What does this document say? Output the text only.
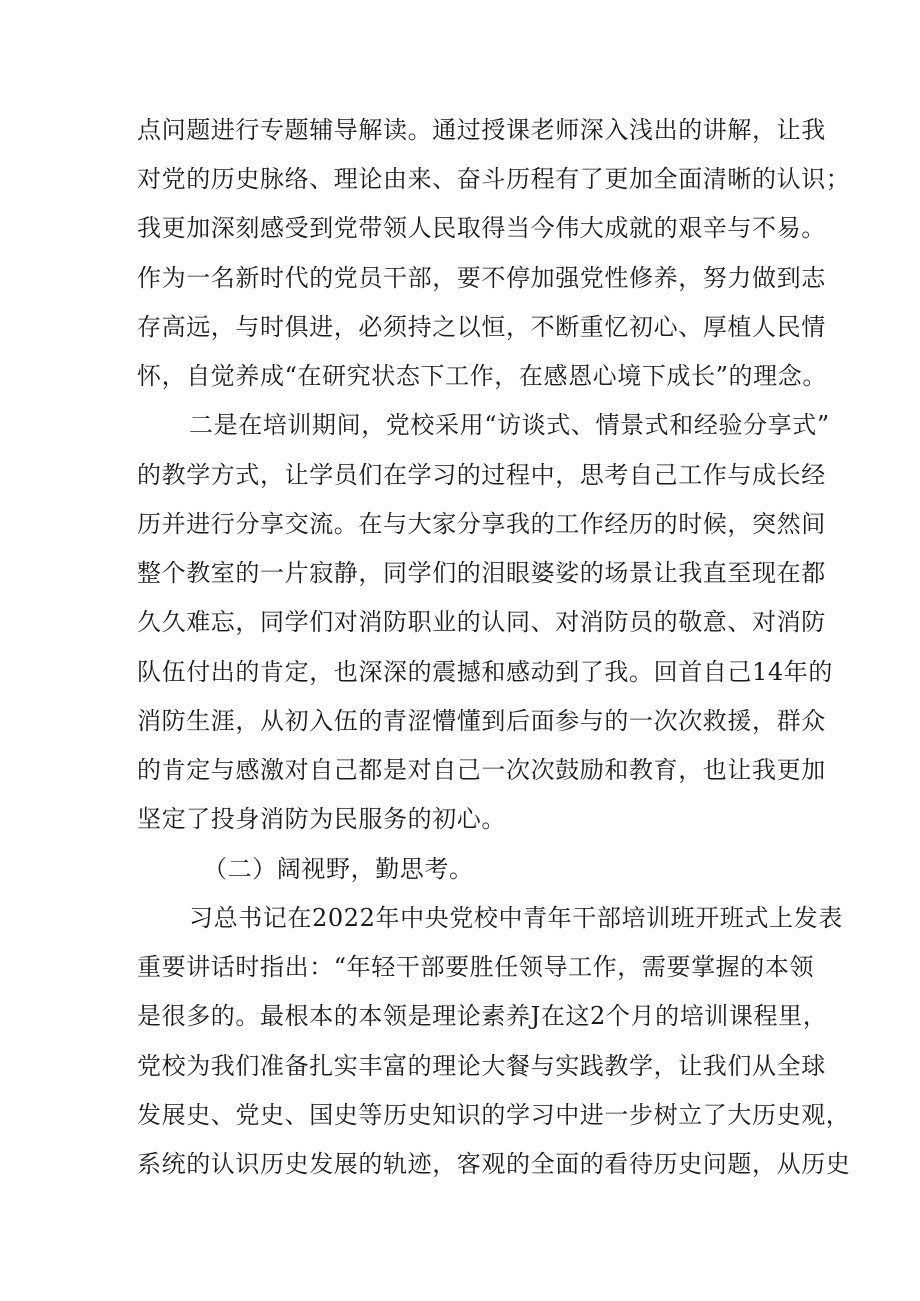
点问题进行专题辅导解读。通过授课老师深入浅出的讲解，让我
对党的历史脉络、理论由来、奋斗历程有了更加全面清晰的认识；
我更加深刻感受到党带领人民取得当今伟大成就的艰辛与不易。
作为一名新时代的党员干部，要不停加强党性修养，努力做到志
存高远，与时俱进，必须持之以恒，不断重忆初心、厚植人民情
怀，自觉养成“在研究状态下工作，在感恩心境下成长”的理念。
二是在培训期间，党校采用“访谈式、情景式和经验分享式”
的教学方式，让学员们在学习的过程中，思考自己工作与成长经
历并进行分享交流。在与大家分享我的工作经历的时候，突然间
整个教室的一片寂静，同学们的泪眼婆娑的场景让我直至现在都
久久难忘，同学们对消防职业的认同、对消防员的敬意、对消防
队伍付出的肯定，也深深的震撼和感动到了我。回首自己14年的
消防生涯，从初入伍的青涩懵懂到后面参与的一次次救援，群众
的肯定与感激对自己都是对自己一次次鼓励和教育，也让我更加
坚定了投身消防为民服务的初心。
（二）阔视野，勤思考。
习总书记在2022年中央党校中青年干部培训班开班式上发表
重要讲话时指出：“年轻干部要胜任领导工作，需要掌握的本领
是很多的。最根本的本领是理论素养J在这2个月的培训课程里，
党校为我们准备扎实丰富的理论大餐与实践教学，让我们从全球
发展史、党史、国史等历史知识的学习中进一步树立了大历史观，
系统的认识历史发展的轨迹，客观的全面的看待历史问题，从历史
